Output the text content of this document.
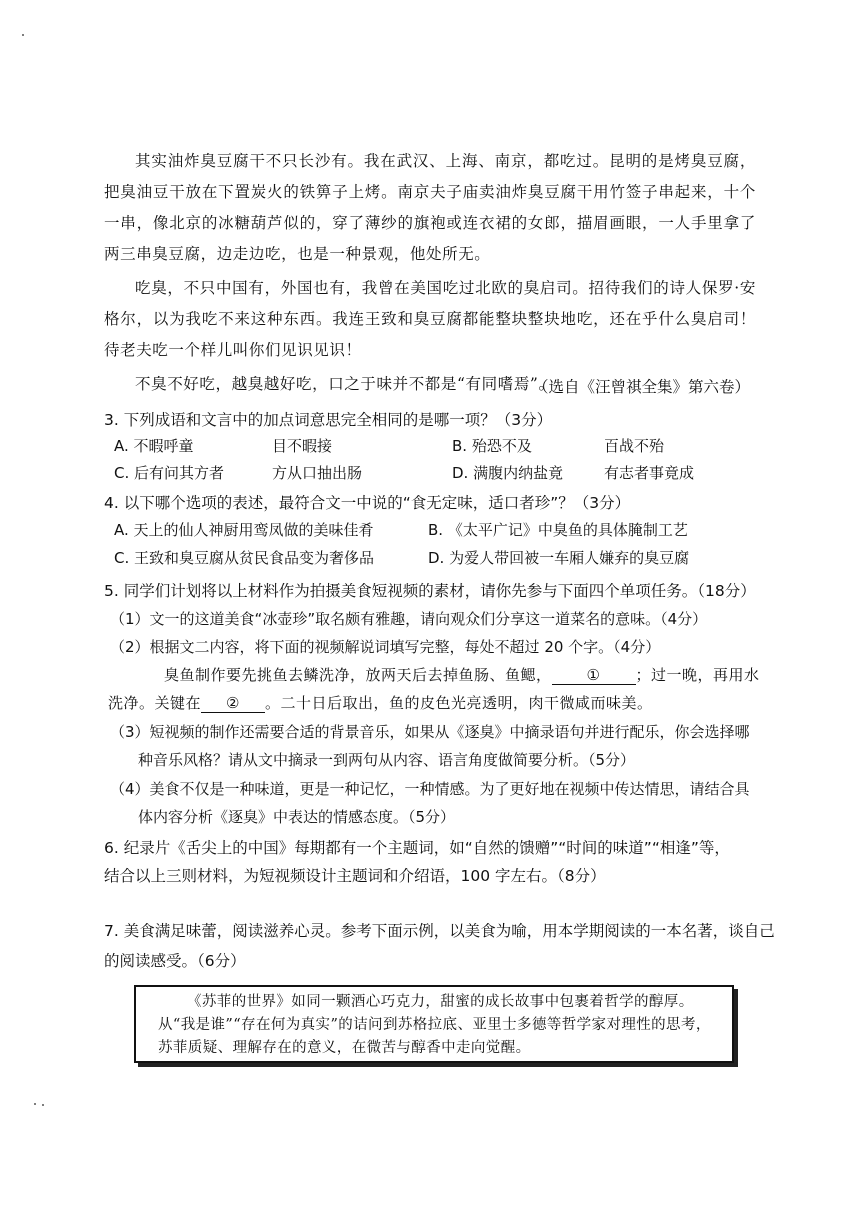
其实油炸臭豆腐干不只长沙有。我在武汉、上海、南京，都吃过。昆明的是烤臭豆腐，把臭油豆干放在下置炭火的铁箅子上烤。南京夫子庙卖油炸臭豆腐干用竹签子串起来，十个一串，像北京的冰糖葫芦似的，穿了薄纱的旗袍或连衣裙的女郎，描眉画眼，一人手里拿了两三串臭豆腐，边走边吃，也是一种景观，他处所无。

吃臭，不只中国有，外国也有，我曾在美国吃过北欧的臭启司。招待我们的诗人保罗·安格尔，以为我吃不来这种东西。我连王致和臭豆腐都能整块整块地吃，还在乎什么臭启司！待老夫吃一个样儿叫你们见识见识！

不臭不好吃，越臭越好吃，口之于味并不都是“有同嗜焉”。

（选自《汪曾祺全集》第六卷）
3. 下列成语和文言中的加点词意思完全相同的是哪一项？（3分）
A. 不暇呼童	目不暇接	B. 殆恐不及	百战不殆
C. 后有问其方者	方从口抽出肠	D. 满腹内纳盐竟	有志者事竟成
4. 以下哪个选项的表述，最符合文一中说的“食无定味，适口者珍”？（3分）
A. 天上的仙人神厨用鸾凤做的美味佳肴	B. 《太平广记》中臭鱼的具体腌制工艺
C. 王致和臭豆腐从贫民食品变为奢侈品	D. 为爱人带回被一车厢人嫌弃的臭豆腐
5. 同学们计划将以上材料作为拍摄美食短视频的素材，请你先参与下面四个单项任务。（18分）
（1）文一的这道美食“冰壶珍”取名颇有雅趣，请向观众们分享这一道菜名的意味。（4分）
（2）根据文二内容，将下面的视频解说词填写完整，每处不超过 20 个字。（4分）
臭鱼制作要先挑鱼去鳞洗净，放两天后去掉鱼肠、鱼鳃， ① ；过一晚，再用水
洗净。关键在 ② 。二十日后取出，鱼的皮色光亮透明，肉干微咸而味美。
（3）短视频的制作还需要合适的背景音乐，如果从《逐臭》中摘录语句并进行配乐，你会选择哪
种音乐风格？请从文中摘录一到两句从内容、语言角度做简要分析。（5分）
（4）美食不仅是一种味道，更是一种记忆，一种情感。为了更好地在视频中传达情思，请结合具
体内容分析《逐臭》中表达的情感态度。（5分）
6. 纪录片《舌尖上的中国》每期都有一个主题词，如“自然的馈赠”“时间的味道”“相逢”等，
结合以上三则材料，为短视频设计主题词和介绍语，100 字左右。（8分）
7. 美食满足味蕾，阅读滋养心灵。参考下面示例，以美食为喻，用本学期阅读的一本名著，谈自己
的阅读感受。（6分）

《苏菲的世界》如同一颗酒心巧克力，甜蜜的成长故事中包裹着哲学的醇厚。从“我是谁”“存在何为真实”的诘问到苏格拉底、亚里士多德等哲学家对理性的思考，苏菲质疑、理解存在的意义，在微苦与醇香中走向觉醒。
